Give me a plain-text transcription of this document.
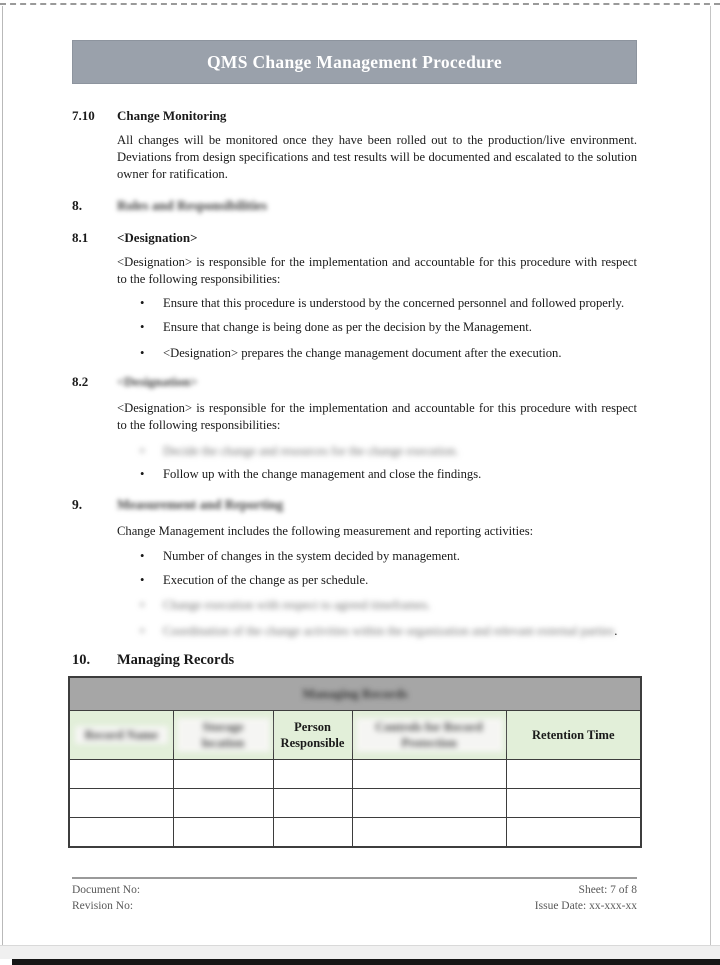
QMS Change Management Procedure
7.10	Change Monitoring
All changes will be monitored once they have been rolled out to the production/live environment. Deviations from design specifications and test results will be documented and escalated to the solution owner for ratification.
8.	Roles and Responsibilities
8.1	<Designation>
<Designation> is responsible for the implementation and accountable for this procedure with respect to the following responsibilities:
•	Ensure that this procedure is understood by the concerned personnel and followed properly.
•	Ensure that change is being done as per the decision by the Management.
•	<Designation> prepares the change management document after the execution.
8.2	<Designation>
<Designation> is responsible for the implementation and accountable for this procedure with respect to the following responsibilities:
•	Decide the change and resources for the change execution.
•	Follow up with the change management and close the findings.
9.	Measurement and Reporting
Change Management includes the following measurement and reporting activities:
•	Number of changes in the system decided by management.
•	Execution of the change as per schedule.
•	Change execution with respect to agreed timeframes.
•	Coordination of the change activities within the organization and relevant external parties.
10.	Managing Records
Managing Records				
Record Name	Storage location	Person Responsible	Controls for Record Protection	Retention Time

Document No:
Revision No:
Sheet: 7 of 8
Issue Date: xx-xxx-xx
